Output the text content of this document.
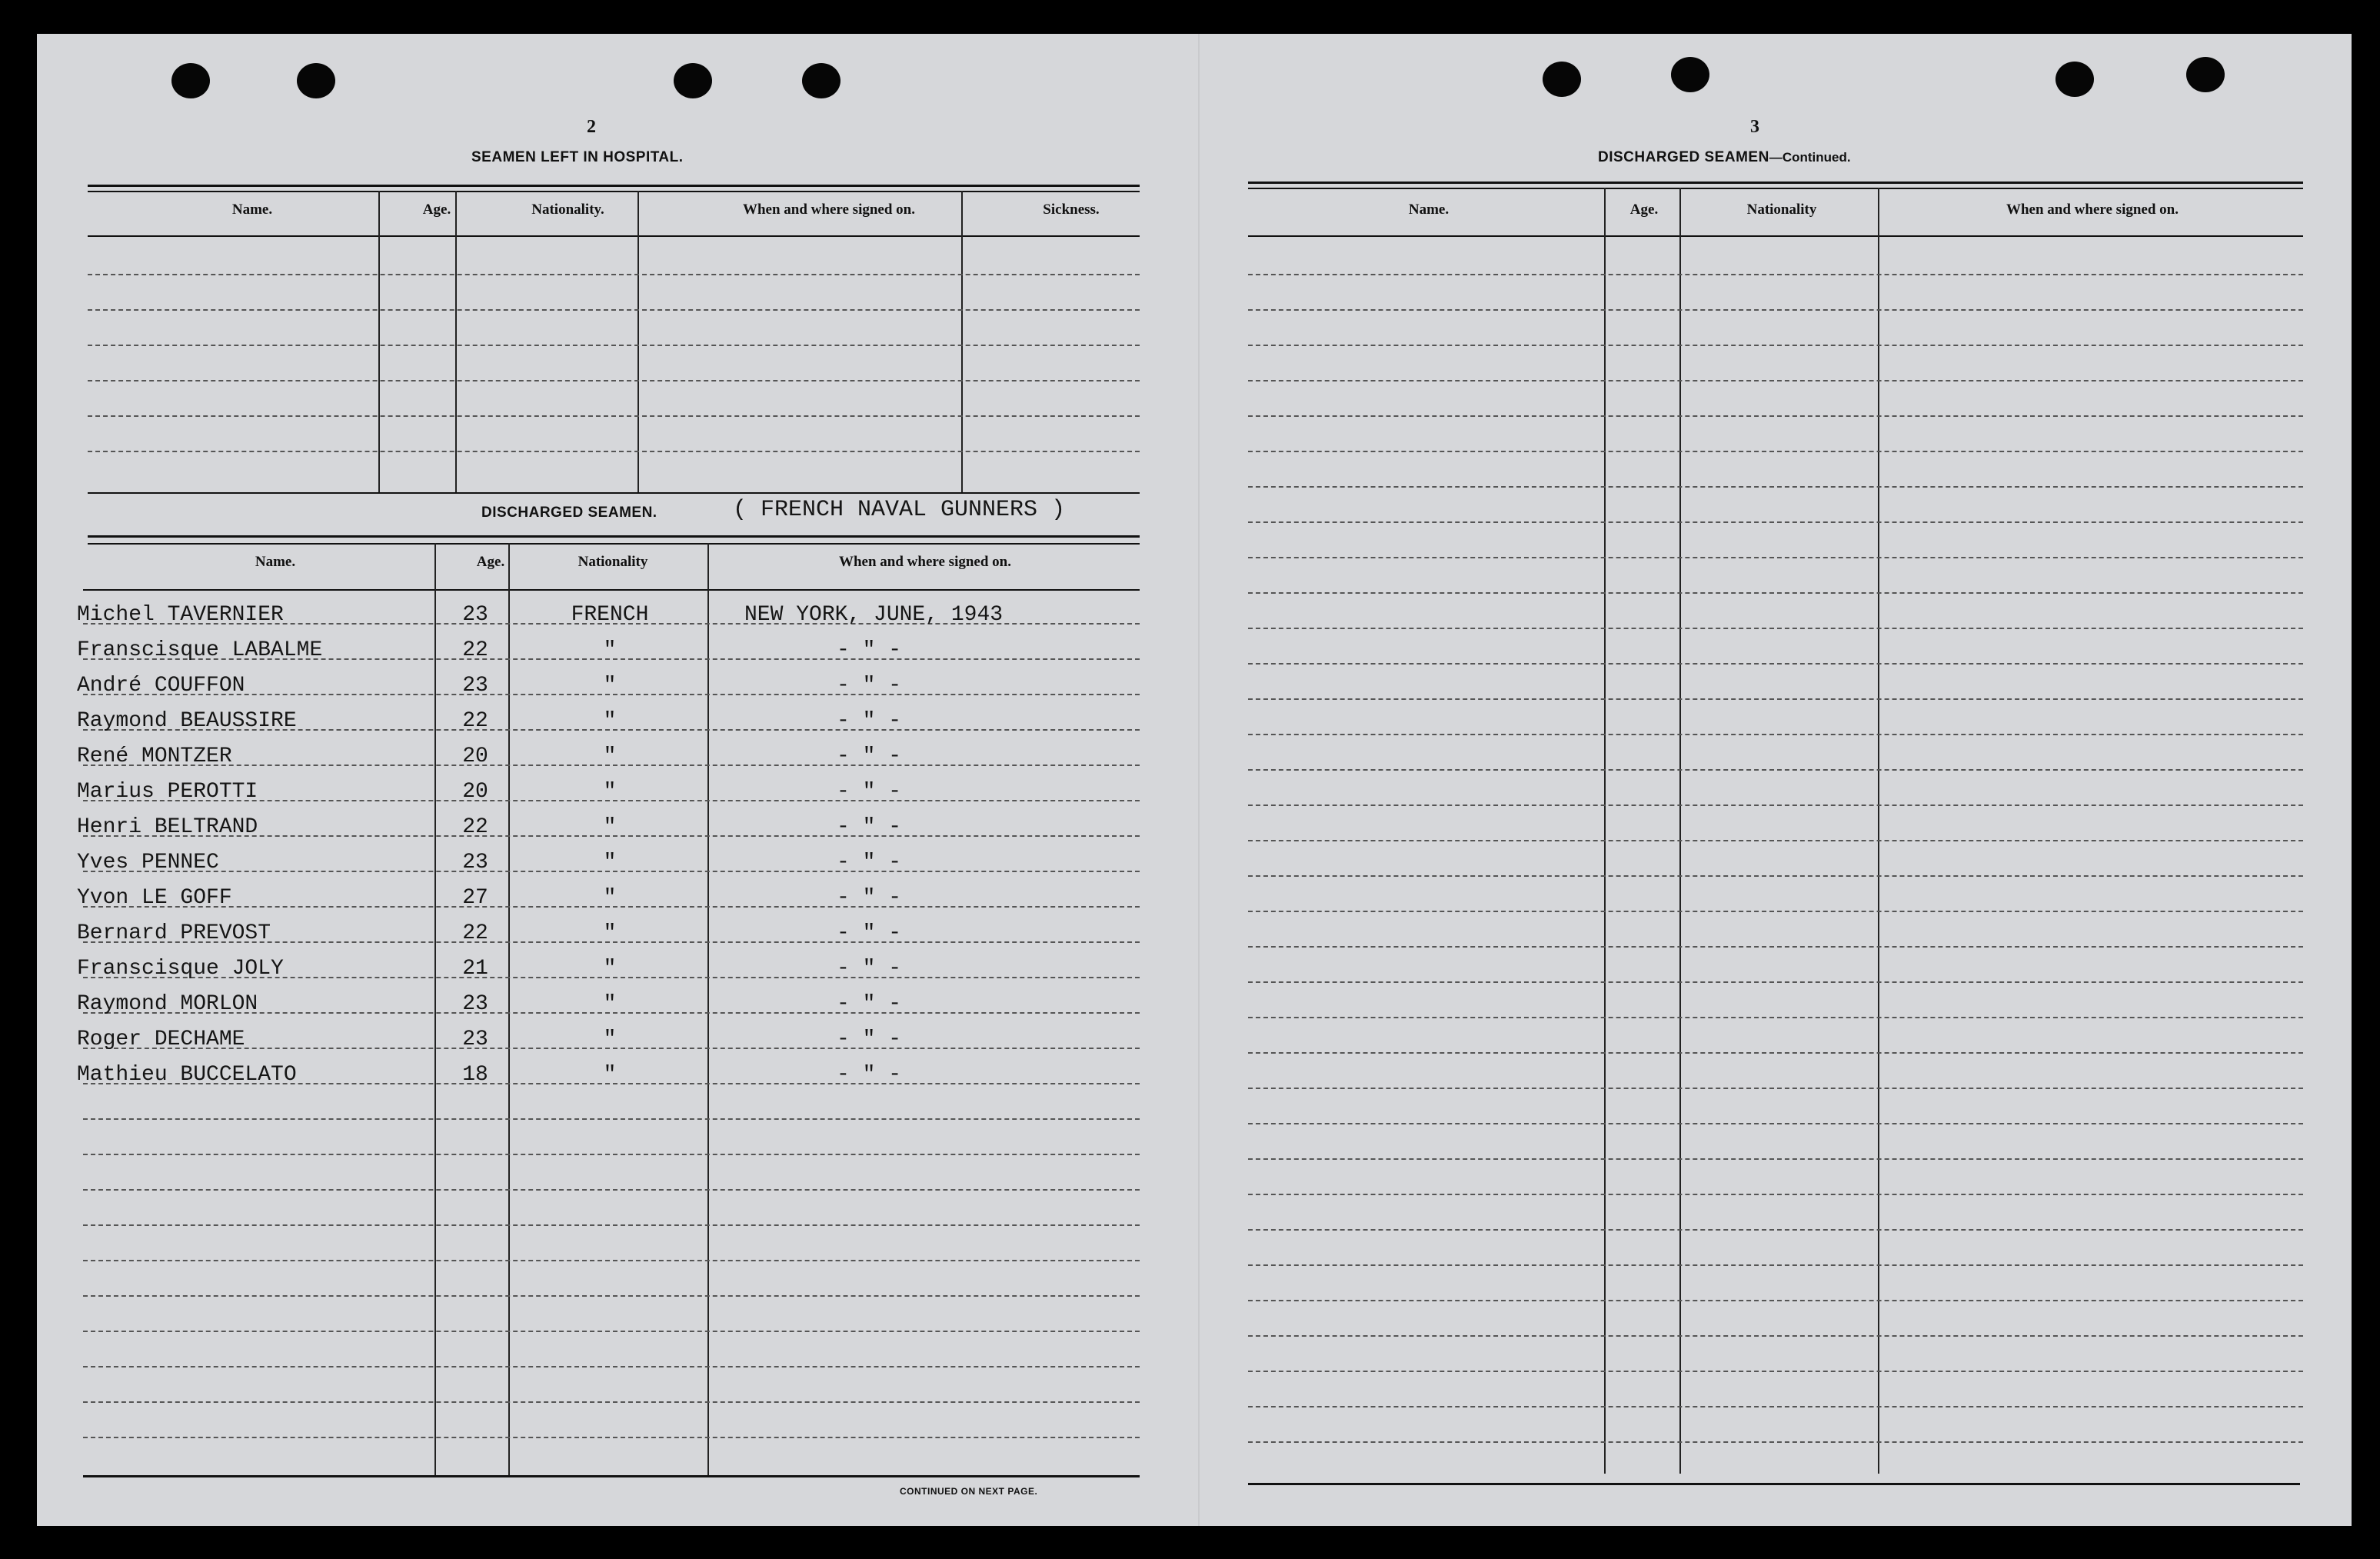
2
SEAMEN LEFT IN HOSPITAL.
Name.	Age.	Nationality.	When and where signed on.	Sickness.
DISCHARGED SEAMEN.	( FRENCH NAVAL GUNNERS )
Name.	Age.	Nationality	When and where signed on.
Michel TAVERNIER	23	FRENCH	NEW YORK, JUNE, 1943
Franscisque LABALME	22	"	- " -
André COUFFON	23	"	- " -
Raymond BEAUSSIRE	22	"	- " -
René MONTZER	20	"	- " -
Marius PEROTTI	20	"	- " -
Henri BELTRAND	22	"	- " -
Yves PENNEC	23	"	- " -
Yvon LE GOFF	27	"	- " -
Bernard PREVOST	22	"	- " -
Franscisque JOLY	21	"	- " -
Raymond MORLON	23	"	- " -
Roger DECHAME	23	"	- " -
Mathieu BUCCELATO	18	"	- " -
CONTINUED ON NEXT PAGE.
3
DISCHARGED SEAMEN—Continued.
Name.	Age.	Nationality	When and where signed on.
